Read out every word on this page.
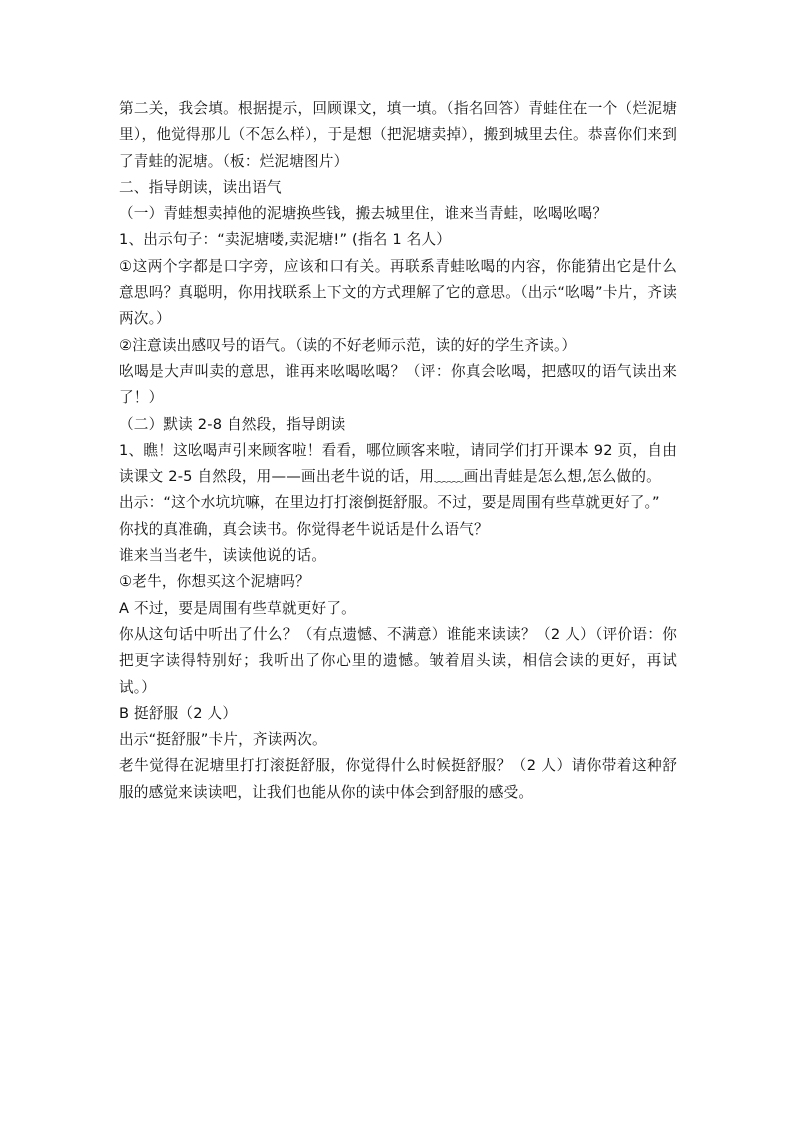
第二关，我会填。根据提示，回顾课文，填一填。（指名回答）青蛙住在一个（烂泥塘里），他觉得那儿（不怎么样），于是想（把泥塘卖掉），搬到城里去住。恭喜你们来到了青蛙的泥塘。（板：烂泥塘图片）

二、指导朗读，读出语气

（一）青蛙想卖掉他的泥塘换些钱，搬去城里住，谁来当青蛙，吆喝吆喝？

1、出示句子：“卖泥塘喽,卖泥塘!” (指名 1 名人）

①这两个字都是口字旁，应该和口有关。再联系青蛙吆喝的内容，你能猜出它是什么意思吗？真聪明，你用找联系上下文的方式理解了它的意思。（出示“吆喝”卡片，齐读两次。）

②注意读出感叹号的语气。（读的不好老师示范，读的好的学生齐读。）

吆喝是大声叫卖的意思，谁再来吆喝吆喝？（评：你真会吆喝，把感叹的语气读出来了！）

（二）默读 2-8 自然段，指导朗读

1、瞧！这吆喝声引来顾客啦！看看，哪位顾客来啦，请同学们打开课本 92 页，自由读课文 2-5 自然段，用——画出老牛说的话，用﹏﹏画出青蛙是怎么想,怎么做的。

出示：“这个水坑坑嘛，在里边打打滚倒挺舒服。不过，要是周围有些草就更好了。”

你找的真准确，真会读书。你觉得老牛说话是什么语气？

谁来当当老牛，读读他说的话。

①老牛，你想买这个泥塘吗？

A 不过，要是周围有些草就更好了。

你从这句话中听出了什么？（有点遗憾、不满意）谁能来读读？（2 人）（评价语：你把更字读得特别好；我听出了你心里的遗憾。皱着眉头读，相信会读的更好，再试试。）

B 挺舒服（2 人）

出示“挺舒服”卡片，齐读两次。

老牛觉得在泥塘里打打滚挺舒服，你觉得什么时候挺舒服？（2 人）请你带着这种舒服的感觉来读读吧，让我们也能从你的读中体会到舒服的感受。
